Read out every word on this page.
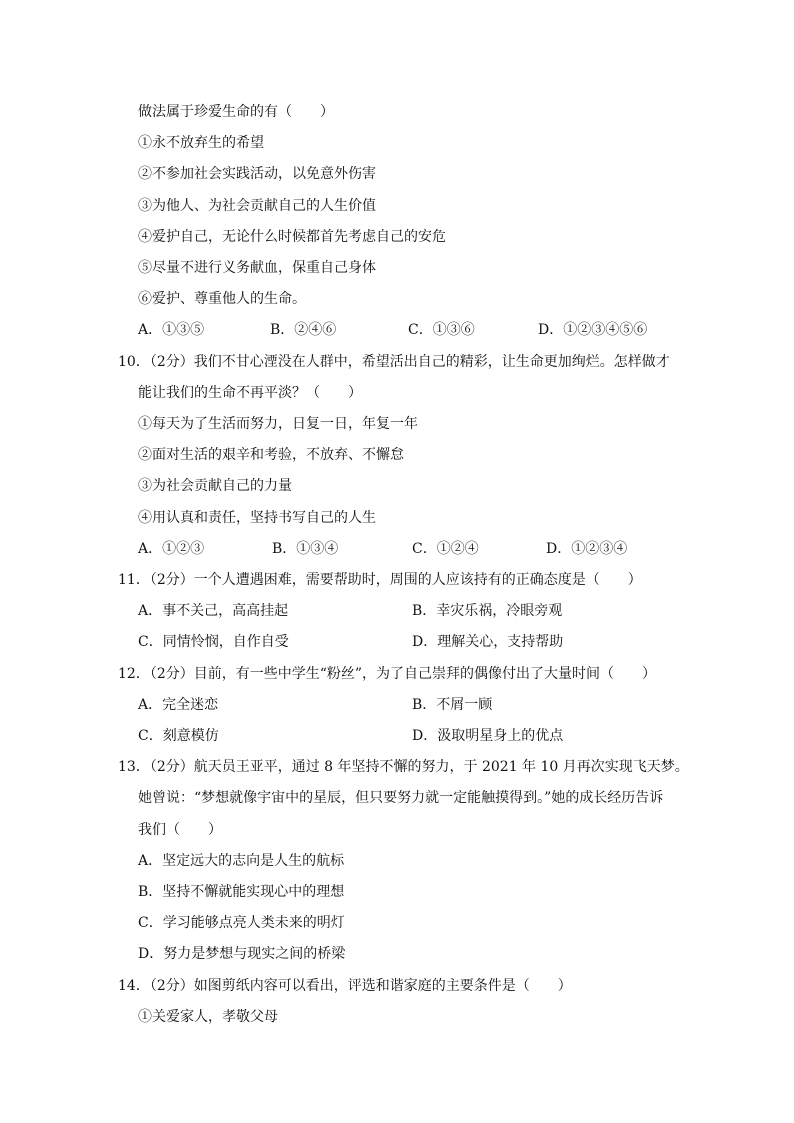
做法属于珍爱生命的有（　　）
①永不放弃生的希望
②不参加社会实践活动，以免意外伤害
③为他人、为社会贡献自己的人生价值
④爱护自己，无论什么时候都首先考虑自己的安危
⑤尽量不进行义务献血，保重自己身体
⑥爱护、尊重他人的生命。
A．①③⑤	B．②④⑥	C．①③⑥	D．①②③④⑤⑥
10．（2分）我们不甘心湮没在人群中，希望活出自己的精彩，让生命更加绚烂。怎样做才
能让我们的生命不再平淡？（　　）
①每天为了生活而努力，日复一日，年复一年
②面对生活的艰辛和考验，不放弃、不懈怠
③为社会贡献自己的力量
④用认真和责任，坚持书写自己的人生
A．①②③	B．①③④	C．①②④	D．①②③④
11．（2分）一个人遭遇困难，需要帮助时，周围的人应该持有的正确态度是（　　）
A．事不关己，高高挂起	B．幸灾乐祸，冷眼旁观
C．同情怜悯，自作自受	D．理解关心，支持帮助
12．（2分）目前，有一些中学生“粉丝”，为了自己崇拜的偶像付出了大量时间（　　）
A．完全迷恋	B．不屑一顾
C．刻意模仿	D．汲取明星身上的优点
13．（2分）航天员王亚平，通过 8 年坚持不懈的努力，于 2021 年 10 月再次实现飞天梦。
她曾说：“梦想就像宇宙中的星辰，但只要努力就一定能触摸得到。”她的成长经历告诉
我们（　　）
A．坚定远大的志向是人生的航标
B．坚持不懈就能实现心中的理想
C．学习能够点亮人类未来的明灯
D．努力是梦想与现实之间的桥梁
14．（2分）如图剪纸内容可以看出，评选和谐家庭的主要条件是（　　）
①关爱家人，孝敬父母
